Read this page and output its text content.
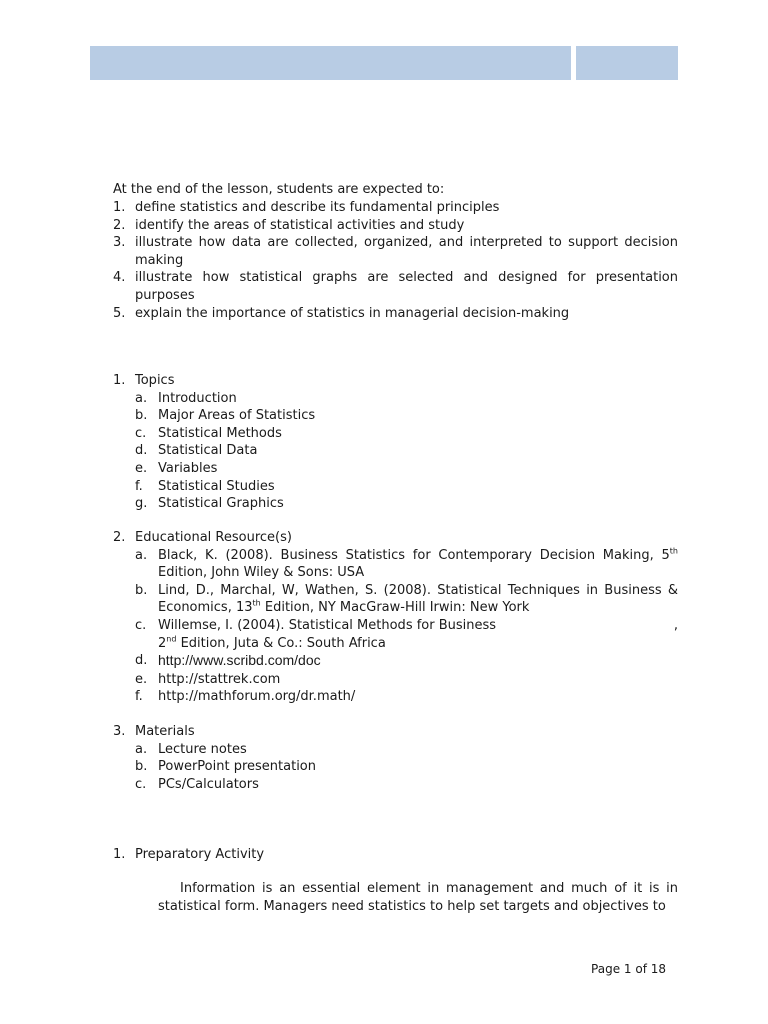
At the end of the lesson, students are expected to:
1. define statistics and describe its fundamental principles
2. identify the areas of statistical activities and study
3. illustrate how data are collected, organized, and interpreted to support decision making
4. illustrate how statistical graphs are selected and designed for presentation purposes
5. explain the importance of statistics in managerial decision-making
1. Topics
a. Introduction
b. Major Areas of Statistics
c. Statistical Methods
d. Statistical Data
e. Variables
f. Statistical Studies
g. Statistical Graphics
2. Educational Resource(s)
a. Black, K. (2008). Business Statistics for Contemporary Decision Making, 5th
Edition, John Wiley & Sons: USA
b. Lind, D., Marchal, W, Wathen, S. (2008). Statistical Techniques in Business &
Economics, 13th Edition, NY MacGraw-Hill Irwin: New York
c. Willemse, I. (2004). Statistical Methods for Business	,
2nd Edition, Juta & Co.: South Africa
d. http://www.scribd.com/doc
e. http://stattrek.com
f. http://mathforum.org/dr.math/
3. Materials
a. Lecture notes
b. PowerPoint presentation
c. PCs/Calculators
1. Preparatory Activity
Information is an essential element in management and much of it is in statistical form. Managers need statistics to help set targets and objectives to
Page 1 of 18
